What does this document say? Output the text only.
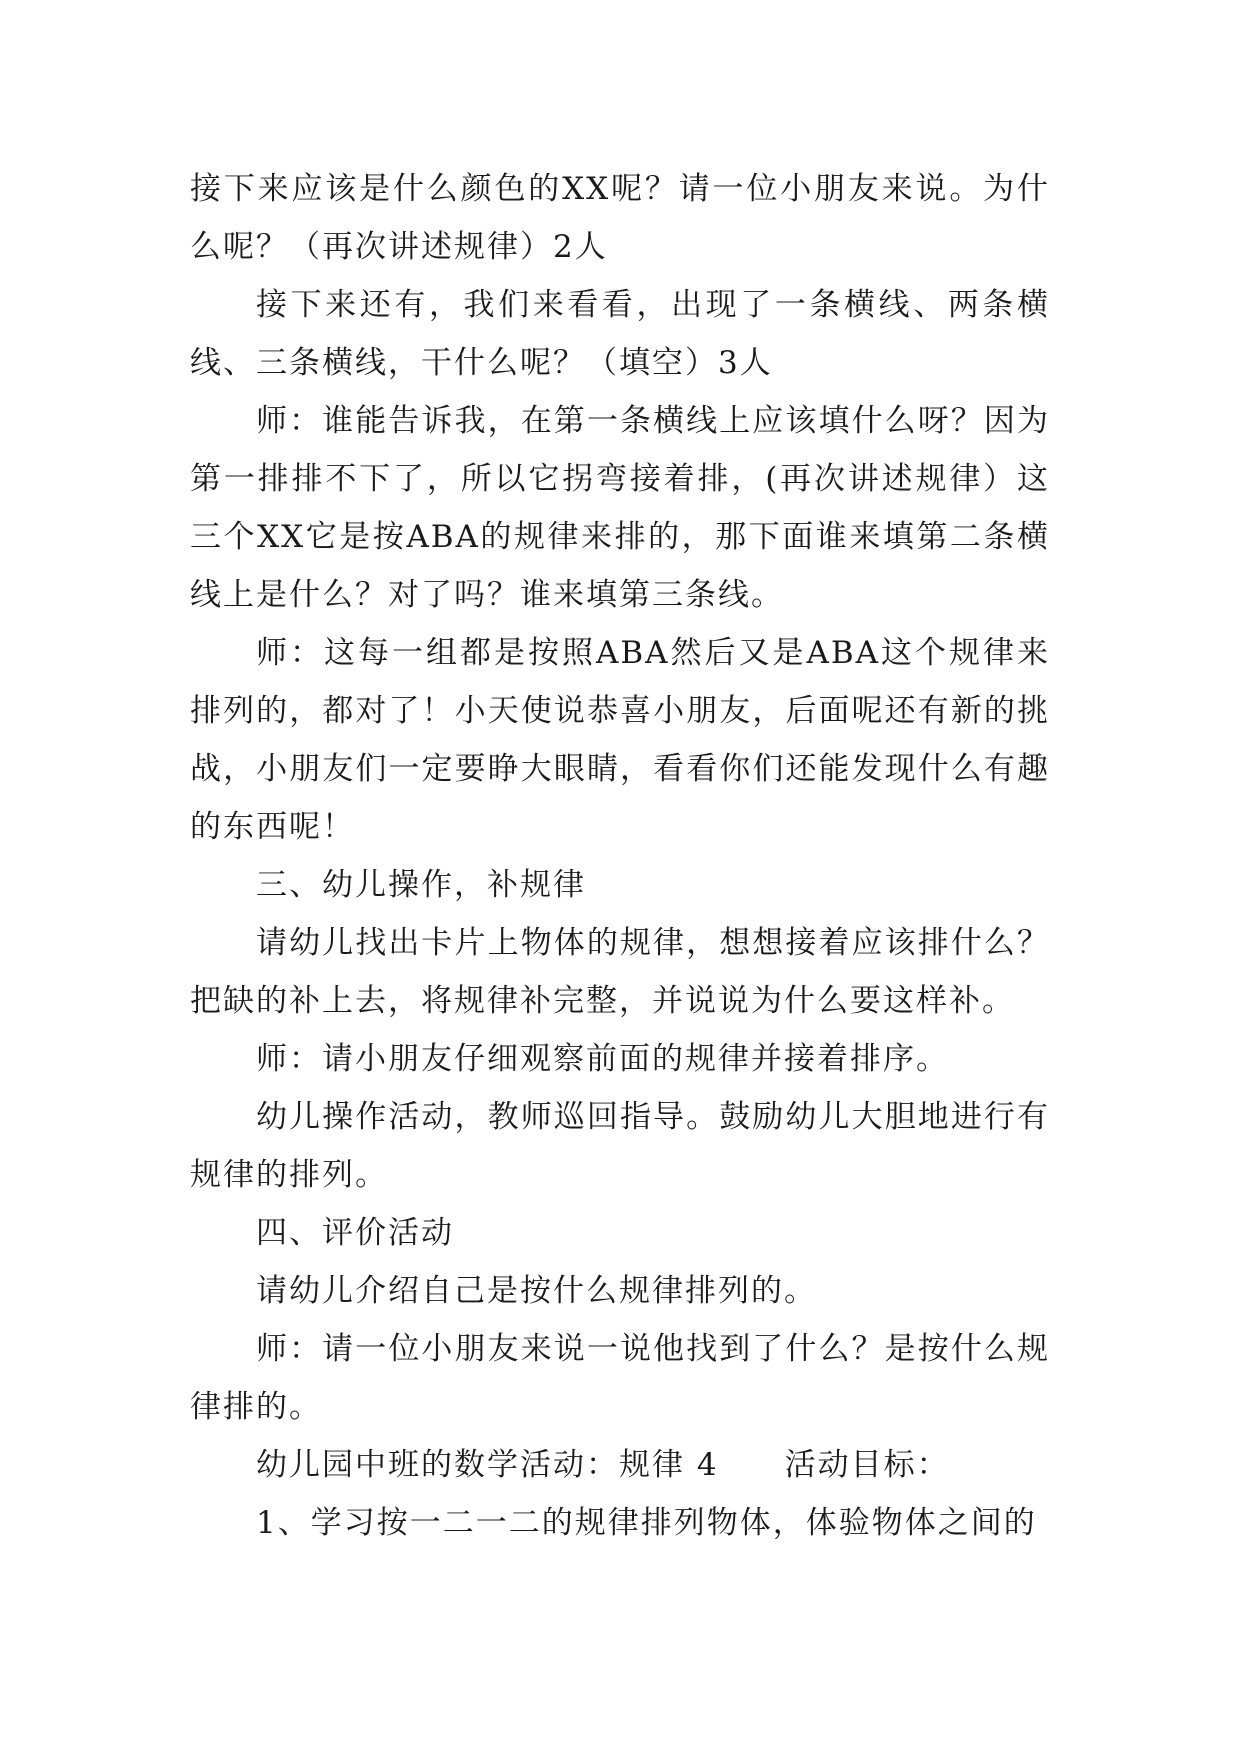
接下来应该是什么颜色的XX呢？请一位小朋友来说。为什么呢？（再次讲述规律）2人

接下来还有，我们来看看，出现了一条横线、两条横线、三条横线，干什么呢？（填空）3人

师：谁能告诉我，在第一条横线上应该填什么呀？因为第一排排不下了，所以它拐弯接着排，(再次讲述规律）这三个XX它是按ABA的规律来排的，那下面谁来填第二条横线上是什么？对了吗？谁来填第三条线。

师：这每一组都是按照ABA然后又是ABA这个规律来排列的，都对了！小天使说恭喜小朋友，后面呢还有新的挑战，小朋友们一定要睁大眼睛，看看你们还能发现什么有趣的东西呢！

三、幼儿操作，补规律

请幼儿找出卡片上物体的规律，想想接着应该排什么？把缺的补上去，将规律补完整，并说说为什么要这样补。

师：请小朋友仔细观察前面的规律并接着排序。

幼儿操作活动，教师巡回指导。鼓励幼儿大胆地进行有规律的排列。

四、评价活动

请幼儿介绍自己是按什么规律排列的。

师：请一位小朋友来说一说他找到了什么？是按什么规律排的。

幼儿园中班的数学活动：规律 4　　活动目标：

1、学习按一二一二的规律排列物体，体验物体之间的
